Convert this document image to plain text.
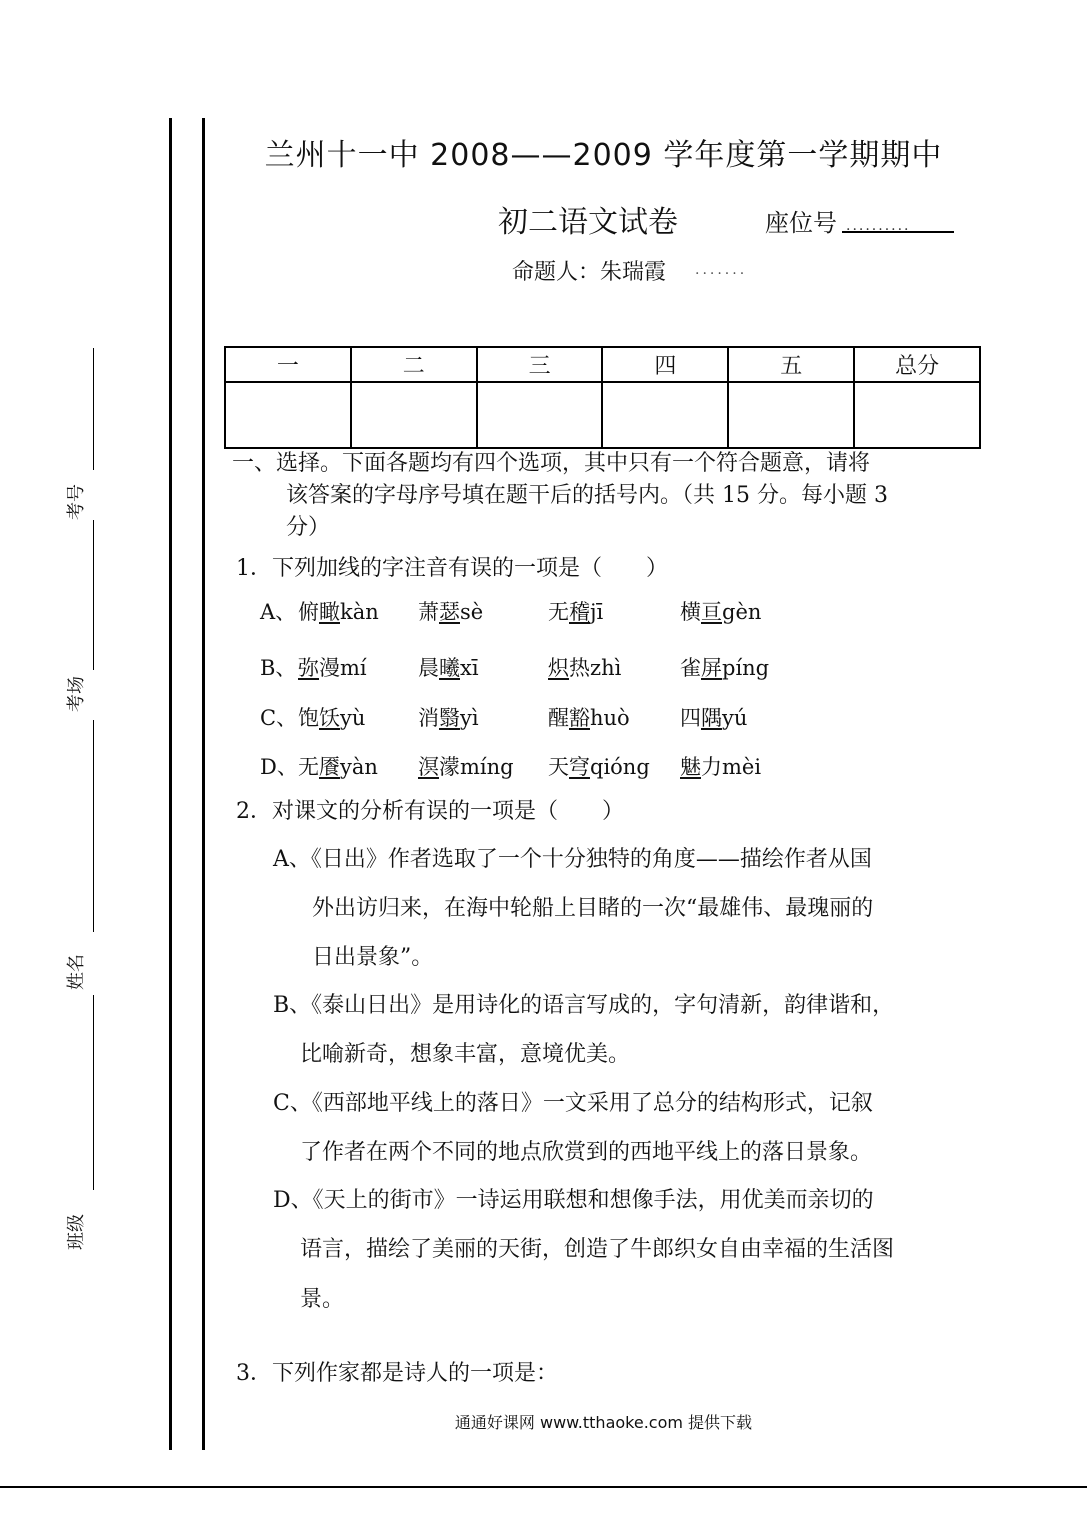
考号
考场
姓名
班级
兰州十一中 2008——2009 学年度第一学期期中
初二语文试卷	座位号 ..........
命题人：朱瑞霞 .......
一	二	三	四	五	总分

一、选择。下面各题均有四个选项，其中只有一个符合题意，请将
该答案的字母序号填在题干后的括号内。（共 15 分。每小题 3
分）
1．下列加线的字注音有误的一项是（　　）
A、 俯瞰kàn 萧瑟sè	无稽jī	横亘gèn
B、 弥漫mí 晨曦xī	炽热zhì	雀屏píng
C、 饱饫yù	消翳yì	醒豁huò 四隅yú
D、 无餍yàn 溟濛míng 天穹qióng 魅力mèi
2．对课文的分析有误的一项是（　　）
A、《日出》作者选取了一个十分独特的角度——描绘作者从国
外出访归来，在海中轮船上目睹的一次“最雄伟、最瑰丽的
日出景象”。
B、《泰山日出》是用诗化的语言写成的，字句清新，韵律谐和，
比喻新奇，想象丰富，意境优美。
C、《西部地平线上的落日》一文采用了总分的结构形式，记叙
了作者在两个不同的地点欣赏到的西地平线上的落日景象。
D、《天上的街市》一诗运用联想和想像手法，用优美而亲切的
语言，描绘了美丽的天街，创造了牛郎织女自由幸福的生活图
景。
3．下列作家都是诗人的一项是：
通通好课网 www.tthaoke.com 提供下载
